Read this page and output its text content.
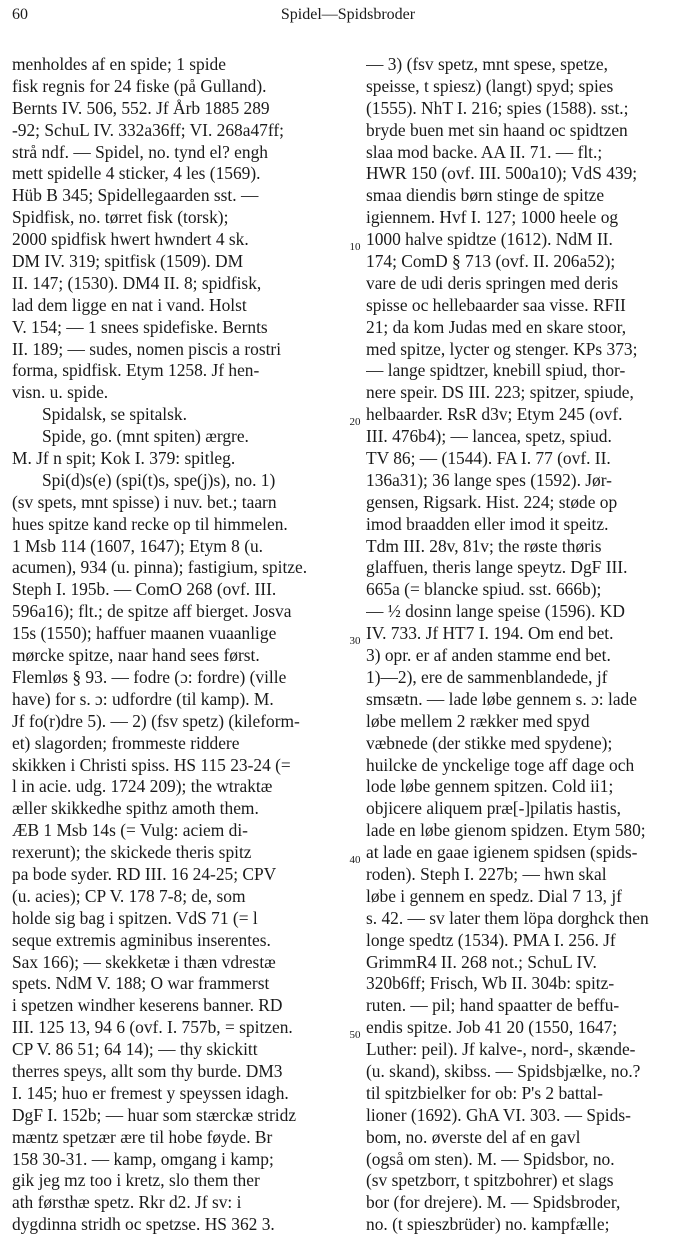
60	Spidel—Spidsbroder
menholdes af en spide; 1 spide
fisk regnis for 24 fiske (på Gulland).
Bernts IV. 506, 552. Jf Årb 1885 289
-92; SchuL IV. 332a36ff; VI. 268a47ff;
strå ndf. — Spidel, no. tynd el? engh
mett spidelle 4 sticker, 4 les (1569).
Hüb B 345; Spidellegaarden sst. —
Spidfisk, no. tørret fisk (torsk);
2000 spidfisk hwert hwndert 4 sk.
DM IV. 319; spitfisk (1509). DM
II. 147; (1530). DM4 II. 8; spidfisk,
lad dem ligge en nat i vand. Holst
V. 154; — 1 snees spidefiske. Bernts
II. 189; — sudes, nomen piscis a rostri
forma, spidfisk. Etym 1258. Jf hen-
visn. u. spide.
Spidalsk, se spitalsk.
Spide, go. (mnt spiten) ærgre.
M. Jf n spit; Kok I. 379: spitleg.
Spi(d)s(e) (spi(t)s, spe(j)s), no. 1)
(sv spets, mnt spisse) i nuv. bet.; taarn
hues spitze kand recke op til himmelen.
1 Msb 114 (1607, 1647); Etym 8 (u.
acumen), 934 (u. pinna); fastigium, spitze.
Steph I. 195b. — ComO 268 (ovf. III.
596a16); flt.; de spitze aff bierget. Josva
15s (1550); haffuer maanen vuaanlige
mørcke spitze, naar hand sees først.
Flemløs § 93. — fodre (ɔ: fordre) (ville
have) for s. ɔ: udfordre (til kamp). M.
Jf fo(r)dre 5). — 2) (fsv spetz) (kileform-
et) slagorden; frommeste riddere
skikken i Christi spiss. HS 115 23-24 (=
l in acie. udg. 1724 209); the wtraktæ
æller skikkedhe spithz amoth them.
ÆB 1 Msb 14s (= Vulg: aciem di-
rexerunt); the skickede theris spitz
pa bode syder. RD III. 16 24-25; CPV
(u. acies); CP V. 178 7-8; de, som
holde sig bag i spitzen. VdS 71 (= l
seque extremis agminibus inserentes.
Sax 166); — skekketæ i thæn vdrestæ
spets. NdM V. 188; O war frammerst
i spetzen windher keserens banner. RD
III. 125 13, 94 6 (ovf. I. 757b, = spitzen.
CP V. 86 51; 64 14); — thy skickitt
therres speys, allt som thy burde. DM3
I. 145; huo er fremest y speyssen idagh.
DgF I. 152b; — huar som stærckæ stridz
mæntz spetzær ære til hobe føyde. Br
158 30-31. — kamp, omgang i kamp;
gik jeg mz too i kretz, slo them ther
ath førsthæ spetz. Rkr d2. Jf sv: i
dygdinna stridh oc spetzse. HS 362 3.
10
20
30
40
50
— 3) (fsv spetz, mnt spese, spetze,
speisse, t spiesz) (langt) spyd; spies
(1555). NhT I. 216; spies (1588). sst.;
bryde buen met sin haand oc spidtzen
slaa mod backe. AA II. 71. — flt.;
HWR 150 (ovf. III. 500a10); VdS 439;
smaa diendis børn stinge de spitze
igiennem. Hvf I. 127; 1000 heele og
1000 halve spidtze (1612). NdM II.
174; ComD § 713 (ovf. II. 206a52);
vare de udi deris springen med deris
spisse oc hellebaarder saa visse. RFII
21; da kom Judas med en skare stoor,
med spitze, lycter og stenger. KPs 373;
— lange spidtzer, knebill spiud, thor-
nere speir. DS III. 223; spitzer, spiude,
helbaarder. RsR d3v; Etym 245 (ovf.
III. 476b4); — lancea, spetz, spiud.
TV 86; — (1544). FA I. 77 (ovf. II.
136a31); 36 lange spes (1592). Jør-
gensen, Rigsark. Hist. 224; støde op
imod braadden eller imod it speitz.
Tdm III. 28v, 81v; the røste thøris
glaffuen, theris lange speytz. DgF III.
665a (= blancke spiud. sst. 666b);
— ½ dosinn lange speise (1596). KD
IV. 733. Jf HT7 I. 194. Om end bet.
3) opr. er af anden stamme end bet.
1)—2), ere de sammenblandede, jf
smsætn. — lade løbe gennem s. ɔ: lade
løbe mellem 2 rækker med spyd
væbnede (der stikke med spydene);
huilcke de ynckelige toge aff dage och
lode løbe gennem spitzen. Cold ii1;
objicere aliquem præ[-]pilatis hastis,
lade en løbe gienom spidzen. Etym 580;
at lade en gaae igienem spidsen (spids-
roden). Steph I. 227b; — hwn skal
løbe i gennem en spedz. Dial 7 13, jf
s. 42. — sv later them löpa dorghck then
longe spedtz (1534). PMA I. 256. Jf
GrimmR4 II. 268 not.; SchuL IV.
320b6ff; Frisch, Wb II. 304b: spitz-
ruten. — pil; hand spaatter de beffu-
endis spitze. Job 41 20 (1550, 1647;
Luther: peil). Jf kalve-, nord-, skænde-
(u. skand), skibss. — Spidsbjælke, no.?
til spitzbielker for ob: P's 2 battal-
lioner (1692). GhA VI. 303. — Spids-
bom, no. øverste del af en gavl
(også om sten). M. — Spidsbor, no.
(sv spetzborr, t spitzbohrer) et slags
bor (for drejere). M. — Spidsbroder,
no. (t spieszbrüder) no. kampfælle;
